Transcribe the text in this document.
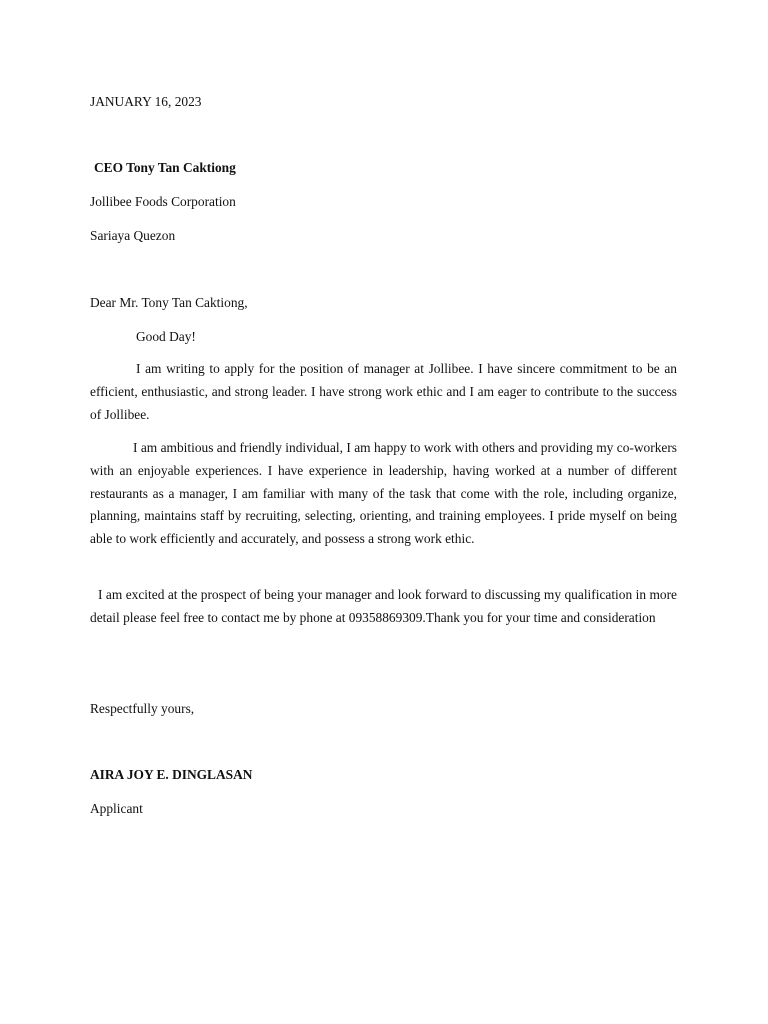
JANUARY 16, 2023
CEO Tony Tan Caktiong
Jollibee Foods Corporation
Sariaya Quezon
Dear Mr. Tony Tan Caktiong,
Good Day!
I am writing to apply for the position of manager at Jollibee. I have sincere commitment to be an efficient, enthusiastic, and strong leader. I have strong work ethic and I am eager to contribute to the success of Jollibee.
I am ambitious and friendly individual, I am happy to work with others and providing my co-workers with an enjoyable experiences. I have experience in leadership, having worked at a number of different restaurants as a manager, I am familiar with many of the task that come with the role, including organize, planning, maintains staff by recruiting, selecting, orienting, and training employees. I pride myself on being able to work efficiently and accurately, and possess a strong work ethic.
I am excited at the prospect of being your manager and look forward to discussing my qualification in more detail please feel free to contact me by phone at 09358869309.Thank you for your time and consideration
Respectfully yours,
AIRA JOY E. DINGLASAN
Applicant
